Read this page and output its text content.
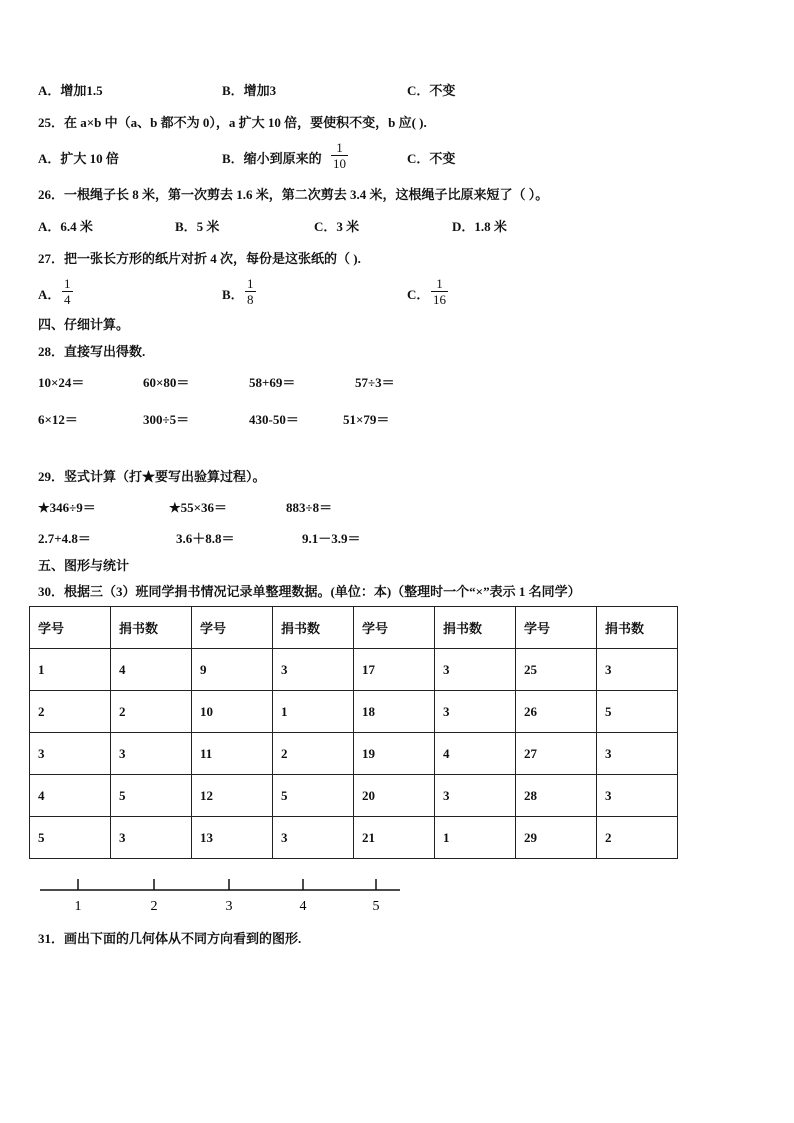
A．增加1.5	B．增加3	C．不变
25．在 a×b 中（a、b 都不为 0），a 扩大 10 倍，要使积不变，b 应( ).
A．扩大 10 倍	B．缩小到原来的
1
10	C．不变
26．一根绳子长 8 米，第一次剪去 1.6 米，第二次剪去 3.4 米，这根绳子比原来短了（ ）。
A．6.4 米	B．5 米	C．3 米	D．1.8 米
27．把一张长方形的纸片对折 4 次，每份是这张纸的（ ).
A．
1
4	B．
1
8	C．
1
16
四、仔细计算。
28．直接写出得数.
10×24＝	60×80＝	58+69＝	57÷3＝
6×12＝	300÷5＝	430-50＝	51×79＝
29．竖式计算（打★要写出验算过程）。
★346÷9＝	★55×36＝	883÷8＝
2.7+4.8＝	3.6＋8.8＝	9.1－3.9＝
五、图形与统计
30．根据三（3）班同学捐书情况记录单整理数据。(单位：本)（整理时一个“×”表示 1 名同学）
学号	捐书数	学号	捐书数	学号	捐书数	学号	捐书数
1	4	9	3	17	3	25	3
2	2	10	1	18	3	26	5
3	3	11	2	19	4	27	3
4	5	12	5	20	3	28	3
5	3	13	3	21	1	29	2
1	2	3	4	5
31．画出下面的几何体从不同方向看到的图形.
